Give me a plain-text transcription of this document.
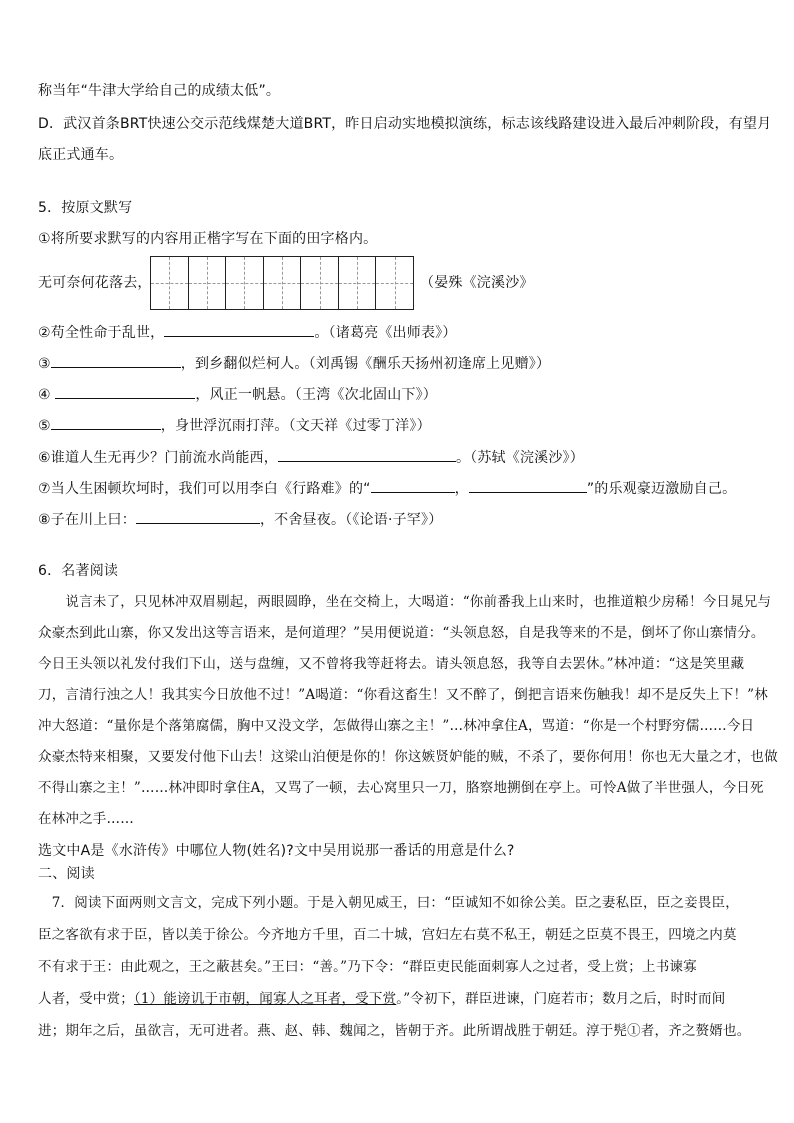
称当年“牛津大学给自己的成绩太低”。
D．武汉首条BRT快速公交示范线煤楚大道BRT，昨日启动实地模拟演练，标志该线路建设进入最后冲刺阶段，有望月
底正式通车。
5．按原文默写
①将所要求默写的内容用正楷字写在下面的田字格内。
无可奈何花落去，	（晏殊《浣溪沙》
②苟全性命于乱世，	。（诸葛亮《出师表》）
③	，到乡翻似烂柯人。（刘禹锡《酬乐天扬州初逢席上见赠》）
④	，风正一帆悬。（王湾《次北固山下》）
⑤	，身世浮沉雨打萍。（文天祥《过零丁洋》）
⑥谁道人生无再少？门前流水尚能西，	。（苏轼《浣溪沙》）
⑦当人生困顿坎坷时，我们可以用李白《行路难》的“	，	”的乐观豪迈激励自己。
⑧子在川上曰：	，不舍昼夜。（《论语·子罕》）
6．名著阅读
　　说言未了，只见林冲双眉剔起，两眼圆睁，坐在交椅上，大喝道：“你前番我上山来时，也推道粮少房稀！今日晁兄与
众豪杰到此山寨，你又发出这等言语来，是何道理？”吴用便说道：“头领息怒，自是我等来的不是，倒坏了你山寨情分。
今日王头领以礼发付我们下山，送与盘缠，又不曾将我等赶将去。请头领息怒，我等自去罢休。”林冲道：“这是笑里藏
刀，言清行浊之人！我其实今日放他不过！”A喝道：“你看这畜生！又不醉了，倒把言语来伤触我！却不是反失上下！”林
冲大怒道：“量你是个落第腐儒，胸中又没文学，怎做得山寨之主！”…林冲拿住A，骂道：“你是一个村野穷儒……今日
众豪杰特来相聚，又要发付他下山去！这梁山泊便是你的！你这嫉贤妒能的贼，不杀了，要你何用！你也无大量之才，也做
不得山寨之主！”……林冲即时拿住A，又骂了一顿，去心窝里只一刀，胳察地搠倒在亭上。可怜A做了半世强人，今日死
在林冲之手……
选文中A是《水浒传》中哪位人物(姓名)?文中吴用说那一番话的用意是什么?
二、阅读
　7．阅读下面两则文言文，完成下列小题。于是入朝见威王，曰：“臣诚知不如徐公美。臣之妻私臣，臣之妾畏臣，
臣之客欲有求于臣，皆以美于徐公。今齐地方千里，百二十城，宫妇左右莫不私王，朝廷之臣莫不畏王，四境之内莫
不有求于王：由此观之，王之蔽甚矣。”王曰：“善。”乃下令：“群臣吏民能面刺寡人之过者，受上赏；上书谏寡
人者，受中赏；（1）能谤讥于市朝，闻寡人之耳者，受下赏。”令初下，群臣进谏，门庭若市；数月之后，时时而间
进；期年之后，虽欲言，无可进者。燕、赵、韩、魏闻之，皆朝于齐。此所谓战胜于朝廷。淳于髡①者，齐之赘婿也。
